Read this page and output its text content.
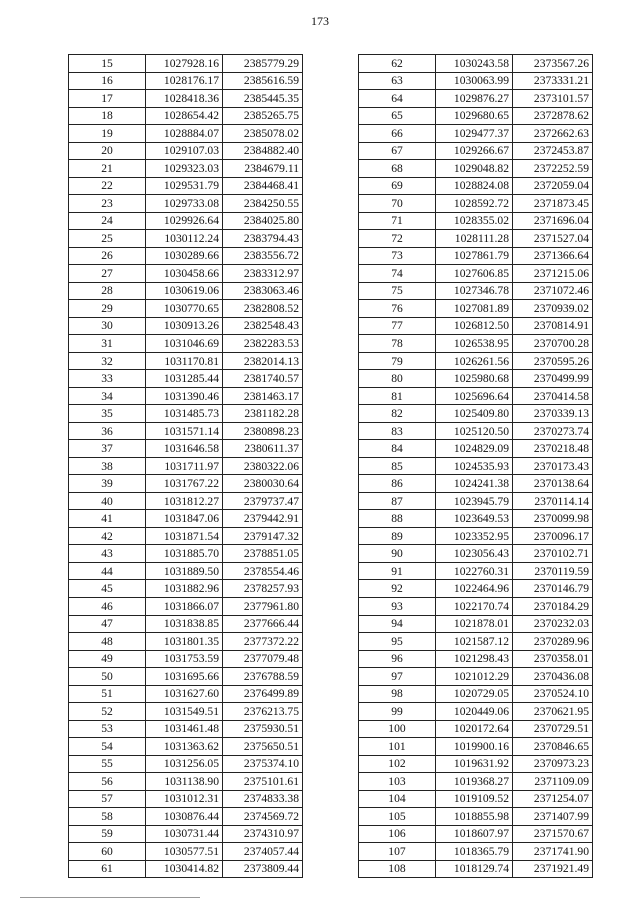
173
15	1027928.16	2385779.29
16	1028176.17	2385616.59
17	1028418.36	2385445.35
18	1028654.42	2385265.75
19	1028884.07	2385078.02
20	1029107.03	2384882.40
21	1029323.03	2384679.11
22	1029531.79	2384468.41
23	1029733.08	2384250.55
24	1029926.64	2384025.80
25	1030112.24	2383794.43
26	1030289.66	2383556.72
27	1030458.66	2383312.97
28	1030619.06	2383063.46
29	1030770.65	2382808.52
30	1030913.26	2382548.43
31	1031046.69	2382283.53
32	1031170.81	2382014.13
33	1031285.44	2381740.57
34	1031390.46	2381463.17
35	1031485.73	2381182.28
36	1031571.14	2380898.23
37	1031646.58	2380611.37
38	1031711.97	2380322.06
39	1031767.22	2380030.64
40	1031812.27	2379737.47
41	1031847.06	2379442.91
42	1031871.54	2379147.32
43	1031885.70	2378851.05
44	1031889.50	2378554.46
45	1031882.96	2378257.93
46	1031866.07	2377961.80
47	1031838.85	2377666.44
48	1031801.35	2377372.22
49	1031753.59	2377079.48
50	1031695.66	2376788.59
51	1031627.60	2376499.89
52	1031549.51	2376213.75
53	1031461.48	2375930.51
54	1031363.62	2375650.51
55	1031256.05	2375374.10
56	1031138.90	2375101.61
57	1031012.31	2374833.38
58	1030876.44	2374569.72
59	1030731.44	2374310.97
60	1030577.51	2374057.44
61	1030414.82	2373809.44
62	1030243.58	2373567.26
63	1030063.99	2373331.21
64	1029876.27	2373101.57
65	1029680.65	2372878.62
66	1029477.37	2372662.63
67	1029266.67	2372453.87
68	1029048.82	2372252.59
69	1028824.08	2372059.04
70	1028592.72	2371873.45
71	1028355.02	2371696.04
72	1028111.28	2371527.04
73	1027861.79	2371366.64
74	1027606.85	2371215.06
75	1027346.78	2371072.46
76	1027081.89	2370939.02
77	1026812.50	2370814.91
78	1026538.95	2370700.28
79	1026261.56	2370595.26
80	1025980.68	2370499.99
81	1025696.64	2370414.58
82	1025409.80	2370339.13
83	1025120.50	2370273.74
84	1024829.09	2370218.48
85	1024535.93	2370173.43
86	1024241.38	2370138.64
87	1023945.79	2370114.14
88	1023649.53	2370099.98
89	1023352.95	2370096.17
90	1023056.43	2370102.71
91	1022760.31	2370119.59
92	1022464.96	2370146.79
93	1022170.74	2370184.29
94	1021878.01	2370232.03
95	1021587.12	2370289.96
96	1021298.43	2370358.01
97	1021012.29	2370436.08
98	1020729.05	2370524.10
99	1020449.06	2370621.95
100	1020172.64	2370729.51
101	1019900.16	2370846.65
102	1019631.92	2370973.23
103	1019368.27	2371109.09
104	1019109.52	2371254.07
105	1018855.98	2371407.99
106	1018607.97	2371570.67
107	1018365.79	2371741.90
108	1018129.74	2371921.49
